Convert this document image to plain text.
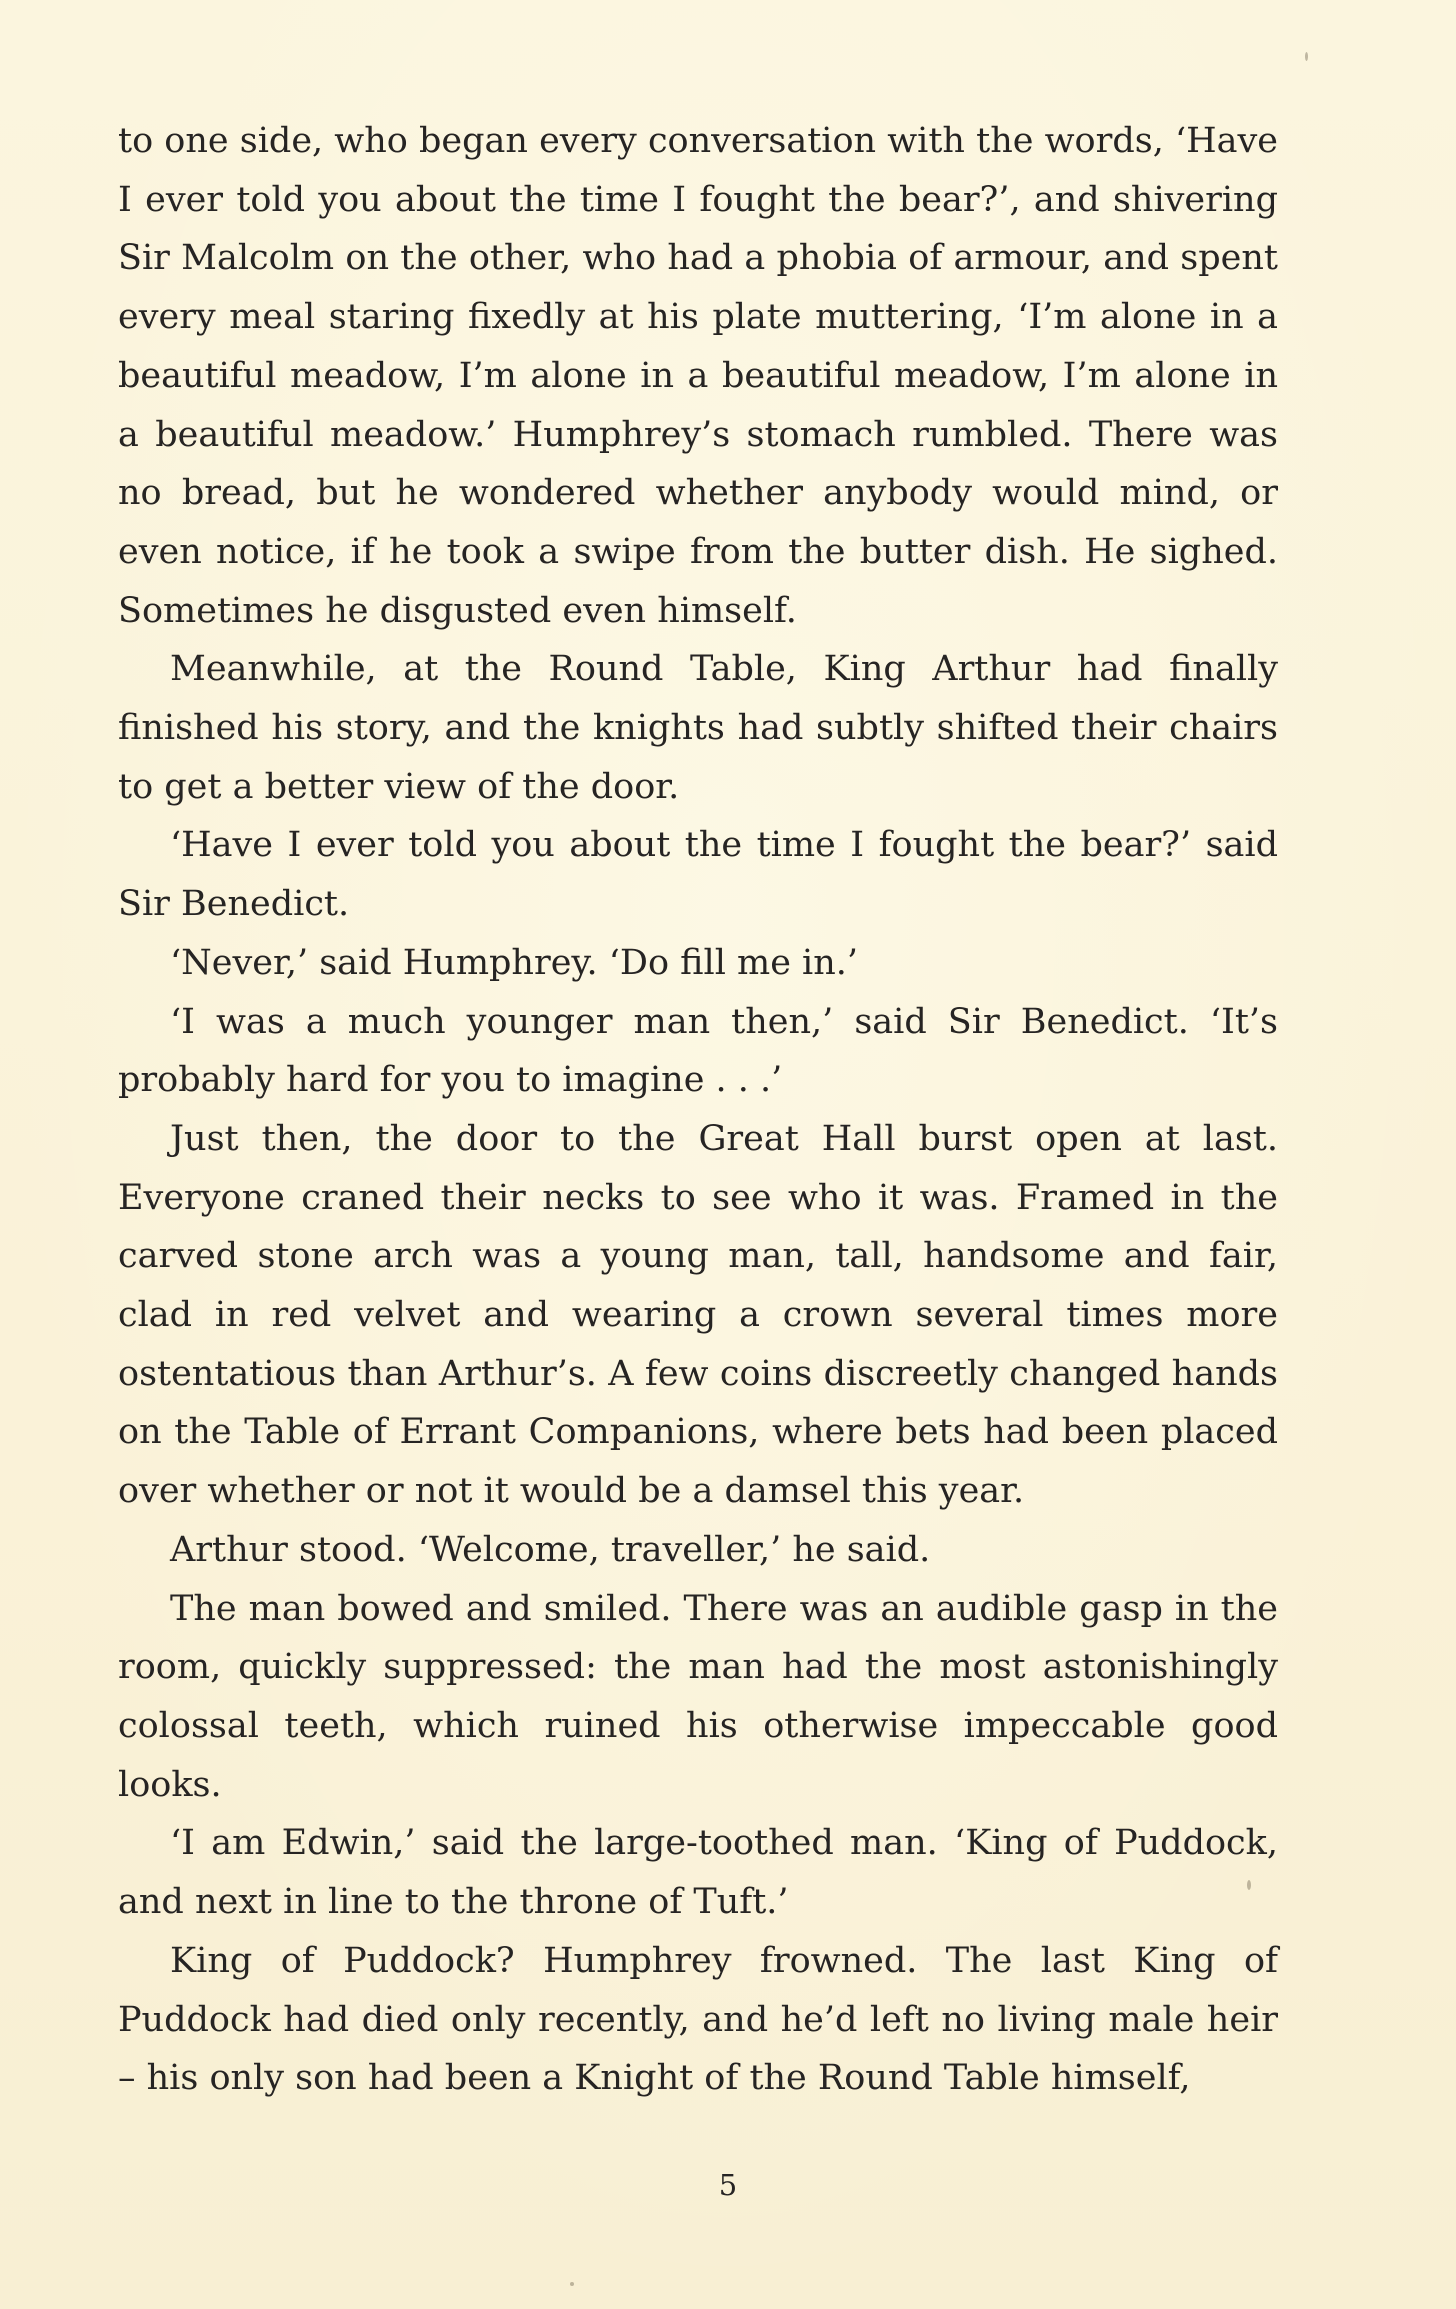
to one side, who began every conversation with the words, ‘Have I ever told you about the time I fought the bear?’, and shivering Sir Malcolm on the other, who had a phobia of armour, and spent every meal staring fixedly at his plate muttering, ‘I’m alone in a beautiful meadow, I’m alone in a beautiful meadow, I’m alone in a beautiful meadow.’ Humphrey’s stomach rumbled. There was no bread, but he wondered whether anybody would mind, or even notice, if he took a swipe from the butter dish. He sighed. Sometimes he disgusted even himself.

Meanwhile, at the Round Table, King Arthur had finally finished his story, and the knights had subtly shifted their chairs to get a better view of the door.

‘Have I ever told you about the time I fought the bear?’ said Sir Benedict.

‘Never,’ said Humphrey. ‘Do fill me in.’

‘I was a much younger man then,’ said Sir Benedict. ‘It’s probably hard for you to imagine . . .’

Just then, the door to the Great Hall burst open at last. Everyone craned their necks to see who it was. Framed in the carved stone arch was a young man, tall, handsome and fair, clad in red velvet and wearing a crown several times more ostentatious than Arthur’s. A few coins discreetly changed hands on the Table of Errant Companions, where bets had been placed over whether or not it would be a damsel this year.

Arthur stood. ‘Welcome, traveller,’ he said.

The man bowed and smiled. There was an audible gasp in the room, quickly suppressed: the man had the most astonishingly colossal teeth, which ruined his otherwise impeccable good looks.

‘I am Edwin,’ said the large-toothed man. ‘King of Puddock, and next in line to the throne of Tuft.’

King of Puddock? Humphrey frowned. The last King of Puddock had died only recently, and he’d left no living male heir – his only son had been a Knight of the Round Table himself,

5
